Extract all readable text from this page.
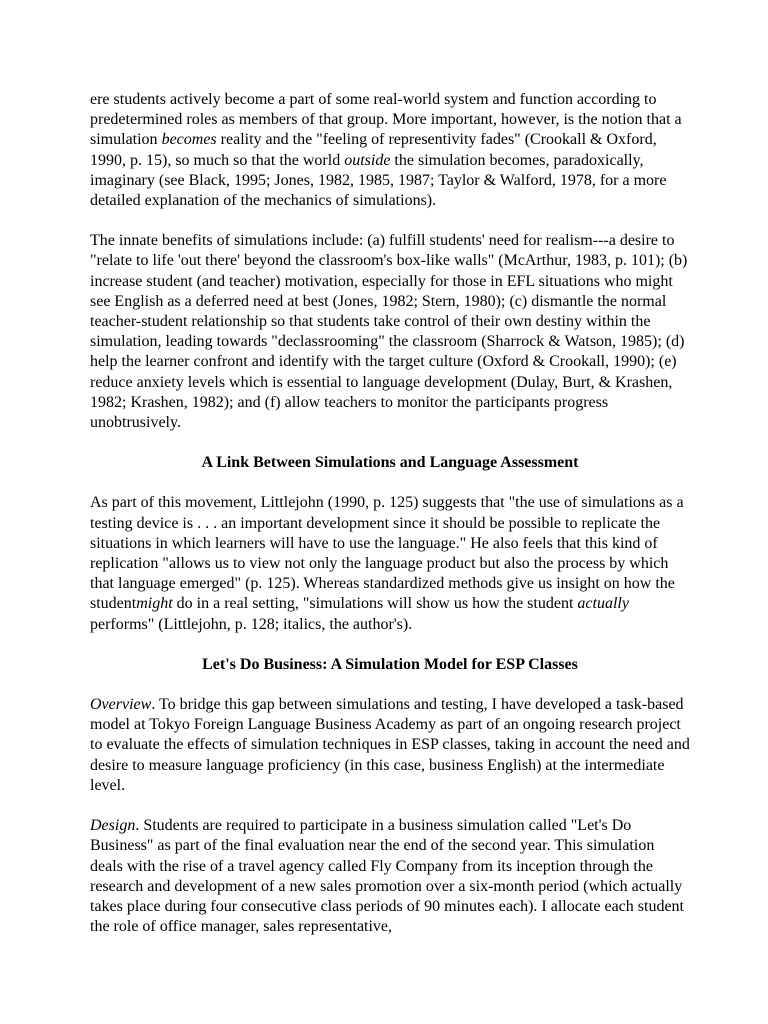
ere students actively become a part of some real-world system and function according to predetermined roles as members of that group. More important, however, is the notion that a simulation becomes reality and the "feeling of representivity fades" (Crookall & Oxford, 1990, p. 15), so much so that the world outside the simulation becomes, paradoxically, imaginary (see Black, 1995; Jones, 1982, 1985, 1987; Taylor & Walford, 1978, for a more detailed explanation of the mechanics of simulations).

The innate benefits of simulations include: (a) fulfill students' need for realism---a desire to "relate to life 'out there' beyond the classroom's box-like walls" (McArthur, 1983, p. 101); (b) increase student (and teacher) motivation, especially for those in EFL situations who might see English as a deferred need at best (Jones, 1982; Stern, 1980); (c) dismantle the normal teacher-student relationship so that students take control of their own destiny within the simulation, leading towards "declassrooming" the classroom (Sharrock & Watson, 1985); (d) help the learner confront and identify with the target culture (Oxford & Crookall, 1990); (e) reduce anxiety levels which is essential to language development (Dulay, Burt, & Krashen, 1982; Krashen, 1982); and (f) allow teachers to monitor the participants progress unobtrusively.

A Link Between Simulations and Language Assessment

As part of this movement, Littlejohn (1990, p. 125) suggests that "the use of simulations as a testing device is . . . an important development since it should be possible to replicate the situations in which learners will have to use the language." He also feels that this kind of replication "allows us to view not only the language product but also the process by which that language emerged" (p. 125). Whereas standardized methods give us insight on how the studentmight do in a real setting, "simulations will show us how the student actually performs" (Littlejohn, p. 128; italics, the author's).

Let's Do Business: A Simulation Model for ESP Classes

Overview. To bridge this gap between simulations and testing, I have developed a task-based model at Tokyo Foreign Language Business Academy as part of an ongoing research project to evaluate the effects of simulation techniques in ESP classes, taking in account the need and desire to measure language proficiency (in this case, business English) at the intermediate level.

Design. Students are required to participate in a business simulation called "Let's Do Business" as part of the final evaluation near the end of the second year. This simulation deals with the rise of a travel agency called Fly Company from its inception through the research and development of a new sales promotion over a six-month period (which actually takes place during four consecutive class periods of 90 minutes each). I allocate each student the role of office manager, sales representative,
